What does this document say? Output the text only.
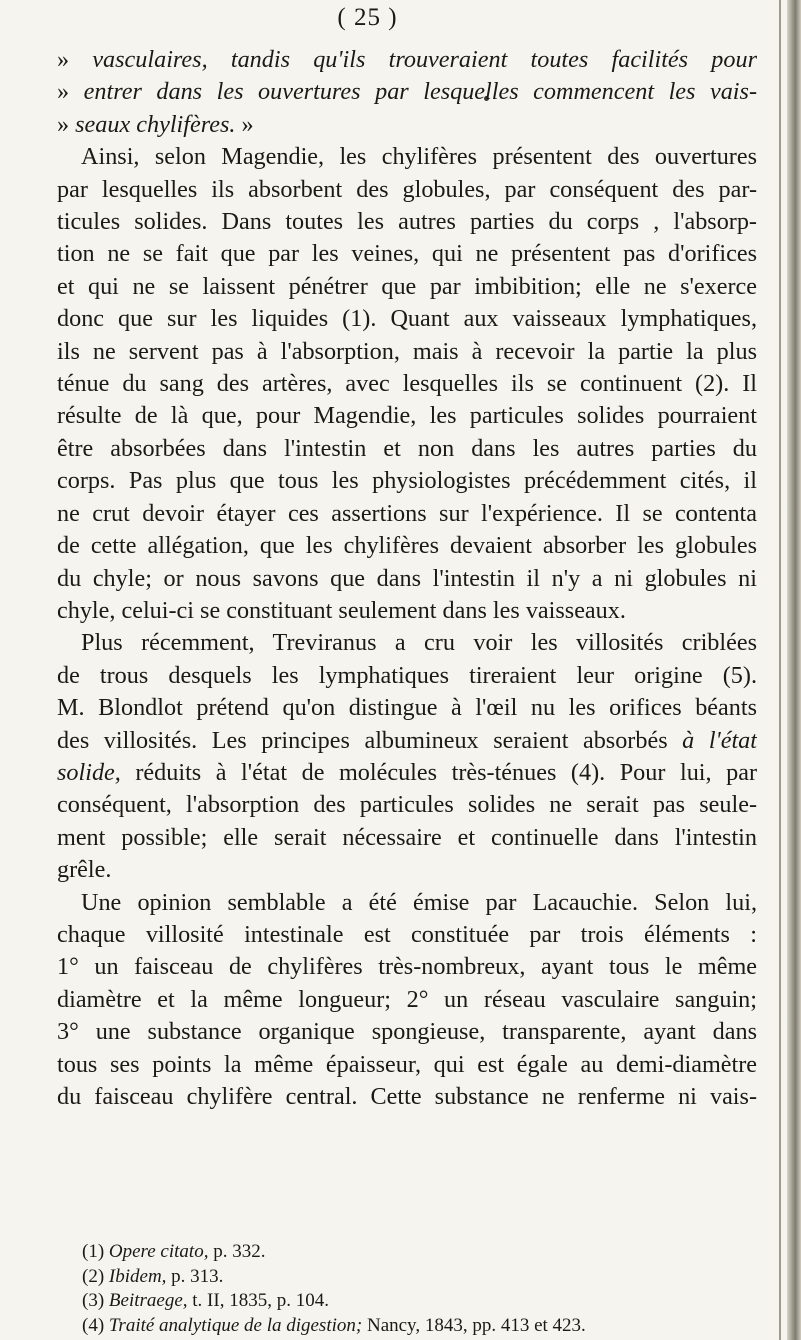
( 25 )
» vasculaires, tandis qu'ils trouveraient toutes facilités pour
» entrer dans les ouvertures par lesquelles commencent les vais-
» seaux chylifères. »
Ainsi, selon Magendie, les chylifères présentent des ouvertures
par lesquelles ils absorbent des globules, par conséquent des par-
ticules solides. Dans toutes les autres parties du corps , l'absorp-
tion ne se fait que par les veines, qui ne présentent pas d'orifices
et qui ne se laissent pénétrer que par imbibition; elle ne s'exerce
donc que sur les liquides (1). Quant aux vaisseaux lymphatiques,
ils ne servent pas à l'absorption, mais à recevoir la partie la plus
ténue du sang des artères, avec lesquelles ils se continuent (2). Il
résulte de là que, pour Magendie, les particules solides pourraient
être absorbées dans l'intestin et non dans les autres parties du
corps. Pas plus que tous les physiologistes précédemment cités, il
ne crut devoir étayer ces assertions sur l'expérience. Il se contenta
de cette allégation, que les chylifères devaient absorber les globules
du chyle; or nous savons que dans l'intestin il n'y a ni globules ni
chyle, celui-ci se constituant seulement dans les vaisseaux.
Plus récemment, Treviranus a cru voir les villosités criblées
de trous desquels les lymphatiques tireraient leur origine (5).
M. Blondlot prétend qu'on distingue à l'œil nu les orifices béants
des villosités. Les principes albumineux seraient absorbés à l'état
solide, réduits à l'état de molécules très-ténues (4). Pour lui, par
conséquent, l'absorption des particules solides ne serait pas seule-
ment possible; elle serait nécessaire et continuelle dans l'intestin
grêle.
Une opinion semblable a été émise par Lacauchie. Selon lui,
chaque villosité intestinale est constituée par trois éléments :
1° un faisceau de chylifères très-nombreux, ayant tous le même
diamètre et la même longueur; 2° un réseau vasculaire sanguin;
3° une substance organique spongieuse, transparente, ayant dans
tous ses points la même épaisseur, qui est égale au demi-diamètre
du faisceau chylifère central. Cette substance ne renferme ni vais-
(1) Opere citato, p. 332.
(2) Ibidem, p. 313.
(3) Beitraege, t. II, 1835, p. 104.
(4) Traité analytique de la digestion; Nancy, 1843, pp. 413 et 423.
